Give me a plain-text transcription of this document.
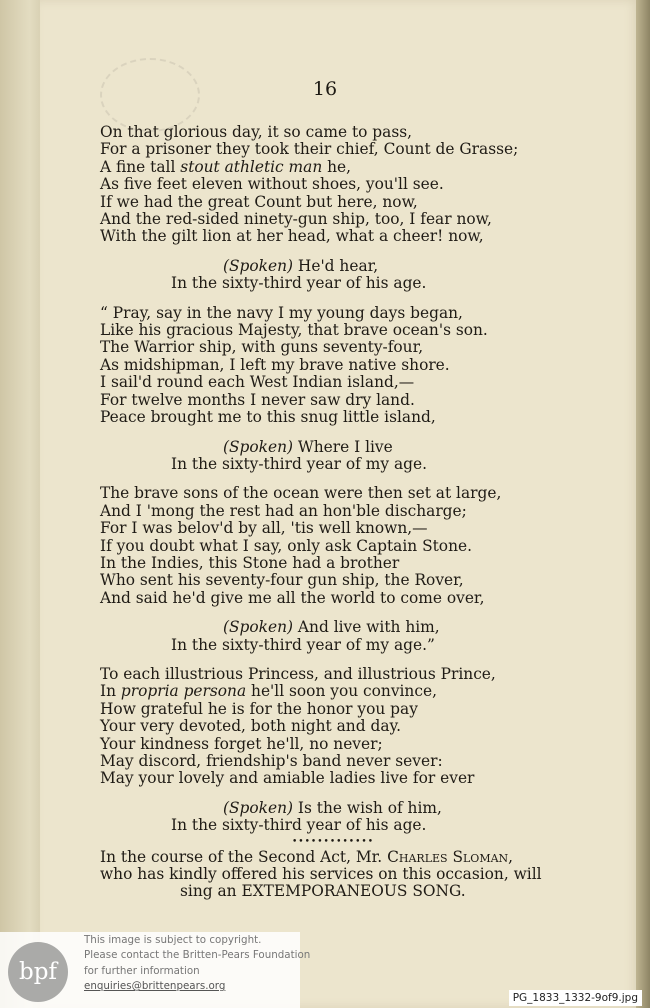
16
On that glorious day, it so came to pass,
For a prisoner they took their chief, Count de Grasse;
A fine tall stout athletic man he,
As five feet eleven without shoes, you'll see.
If we had the great Count but here, now,
And the red-sided ninety-gun ship, too, I fear now,
With the gilt lion at her head, what a cheer! now,
(Spoken) He'd hear,
In the sixty-third year of his age.
“ Pray, say in the navy I my young days began,
Like his gracious Majesty, that brave ocean's son.
The Warrior ship, with guns seventy-four,
As midshipman, I left my brave native shore.
I sail'd round each West Indian island,—
For twelve months I never saw dry land.
Peace brought me to this snug little island,
(Spoken) Where I live
In the sixty-third year of my age.
The brave sons of the ocean were then set at large,
And I 'mong the rest had an hon'ble discharge;
For I was belov'd by all, 'tis well known,—
If you doubt what I say, only ask Captain Stone.
In the Indies, this Stone had a brother
Who sent his seventy-four gun ship, the Rover,
And said he'd give me all the world to come over,
(Spoken) And live with him,
In the sixty-third year of my age.”
To each illustrious Princess, and illustrious Prince,
In propria persona he'll soon you convince,
How grateful he is for the honor you pay
Your very devoted, both night and day.
Your kindness forget he'll, no never;
May discord, friendship's band never sever:
May your lovely and amiable ladies live for ever
(Spoken) Is the wish of him,
In the sixty-third year of his age.
•••••••••••••
In the course of the Second Act, Mr. Charles Sloman,
who has kindly offered his services on this occasion, will
sing an EXTEMPORANEOUS SONG.
bpf
This image is subject to copyright.
Please contact the Britten-Pears Foundation
for further information
enquiries@brittenpears.org
PG_1833_1332-9of9.jpg
